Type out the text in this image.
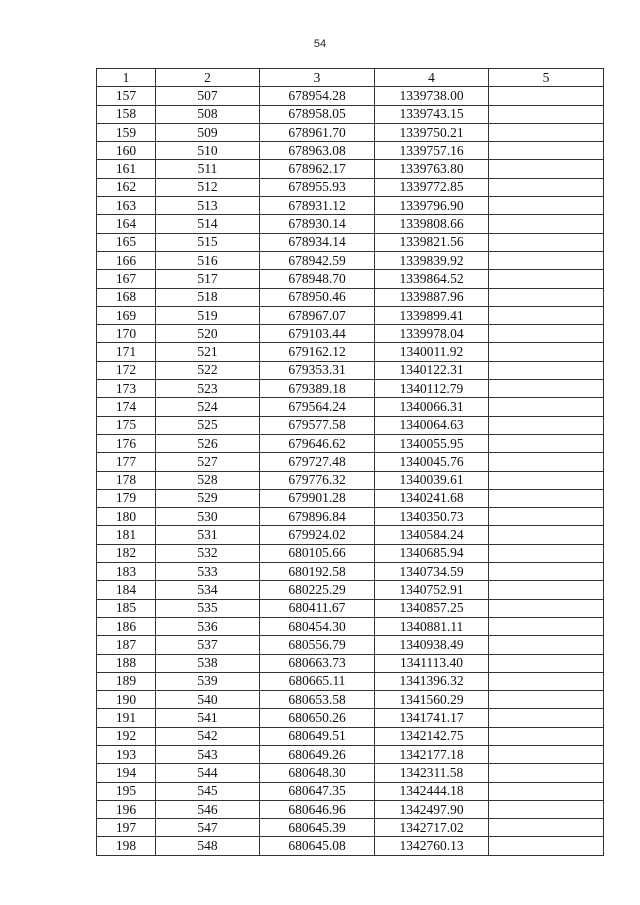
54
1	2	3	4	5
157	507	678954.28	1339738.00	
158	508	678958.05	1339743.15	
159	509	678961.70	1339750.21	
160	510	678963.08	1339757.16	
161	511	678962.17	1339763.80	
162	512	678955.93	1339772.85	
163	513	678931.12	1339796.90	
164	514	678930.14	1339808.66	
165	515	678934.14	1339821.56	
166	516	678942.59	1339839.92	
167	517	678948.70	1339864.52	
168	518	678950.46	1339887.96	
169	519	678967.07	1339899.41	
170	520	679103.44	1339978.04	
171	521	679162.12	1340011.92	
172	522	679353.31	1340122.31	
173	523	679389.18	1340112.79	
174	524	679564.24	1340066.31	
175	525	679577.58	1340064.63	
176	526	679646.62	1340055.95	
177	527	679727.48	1340045.76	
178	528	679776.32	1340039.61	
179	529	679901.28	1340241.68	
180	530	679896.84	1340350.73	
181	531	679924.02	1340584.24	
182	532	680105.66	1340685.94	
183	533	680192.58	1340734.59	
184	534	680225.29	1340752.91	
185	535	680411.67	1340857.25	
186	536	680454.30	1340881.11	
187	537	680556.79	1340938.49	
188	538	680663.73	1341113.40	
189	539	680665.11	1341396.32	
190	540	680653.58	1341560.29	
191	541	680650.26	1341741.17	
192	542	680649.51	1342142.75	
193	543	680649.26	1342177.18	
194	544	680648.30	1342311.58	
195	545	680647.35	1342444.18	
196	546	680646.96	1342497.90	
197	547	680645.39	1342717.02	
198	548	680645.08	1342760.13	
